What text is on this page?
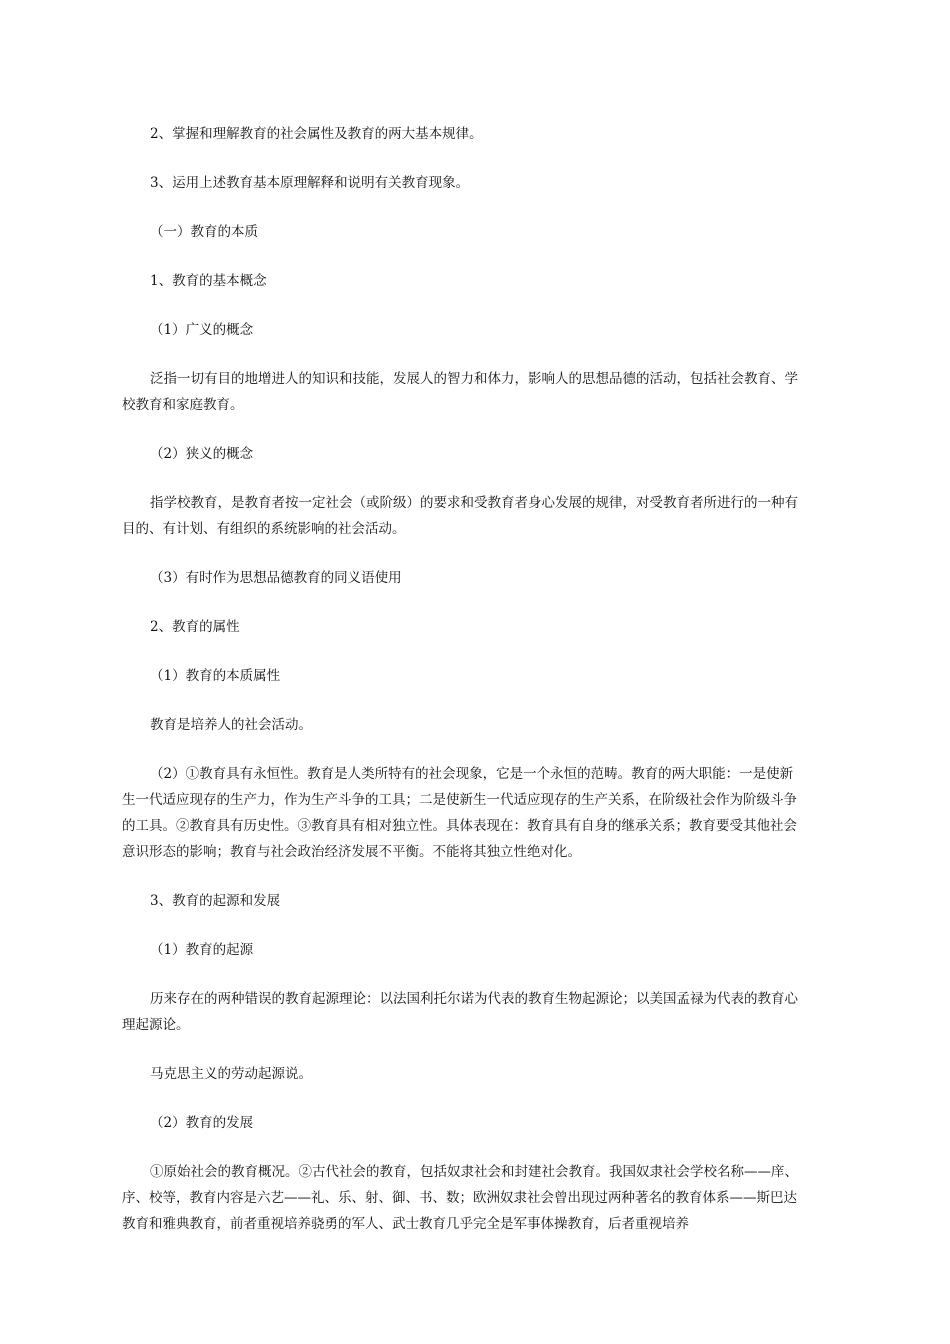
2、掌握和理解教育的社会属性及教育的两大基本规律。

3、运用上述教育基本原理解释和说明有关教育现象。

（一）教育的本质

1、教育的基本概念

（1）广义的概念

泛指一切有目的地增进人的知识和技能，发展人的智力和体力，影响人的思想品德的活动，包括社会教育、学校教育和家庭教育。

（2）狭义的概念

指学校教育，是教育者按一定社会（或阶级）的要求和受教育者身心发展的规律，对受教育者所进行的一种有目的、有计划、有组织的系统影响的社会活动。

（3）有时作为思想品德教育的同义语使用

2、教育的属性

（1）教育的本质属性

教育是培养人的社会活动。

（2）①教育具有永恒性。教育是人类所特有的社会现象，它是一个永恒的范畴。教育的两大职能：一是使新生一代适应现存的生产力，作为生产斗争的工具；二是使新生一代适应现存的生产关系，在阶级社会作为阶级斗争的工具。②教育具有历史性。③教育具有相对独立性。具体表现在：教育具有自身的继承关系；教育要受其他社会意识形态的影响；教育与社会政治经济发展不平衡。不能将其独立性绝对化。

3、教育的起源和发展

（1）教育的起源

历来存在的两种错误的教育起源理论：以法国利托尔诺为代表的教育生物起源论；以美国孟禄为代表的教育心理起源论。

马克思主义的劳动起源说。

（2）教育的发展

①原始社会的教育概况。②古代社会的教育，包括奴隶社会和封建社会教育。我国奴隶社会学校名称——庠、序、校等，教育内容是六艺——礼、乐、射、御、书、数；欧洲奴隶社会曾出现过两种著名的教育体系——斯巴达教育和雅典教育，前者重视培养骁勇的军人、武士教育几乎完全是军事体操教育，后者重视培养
